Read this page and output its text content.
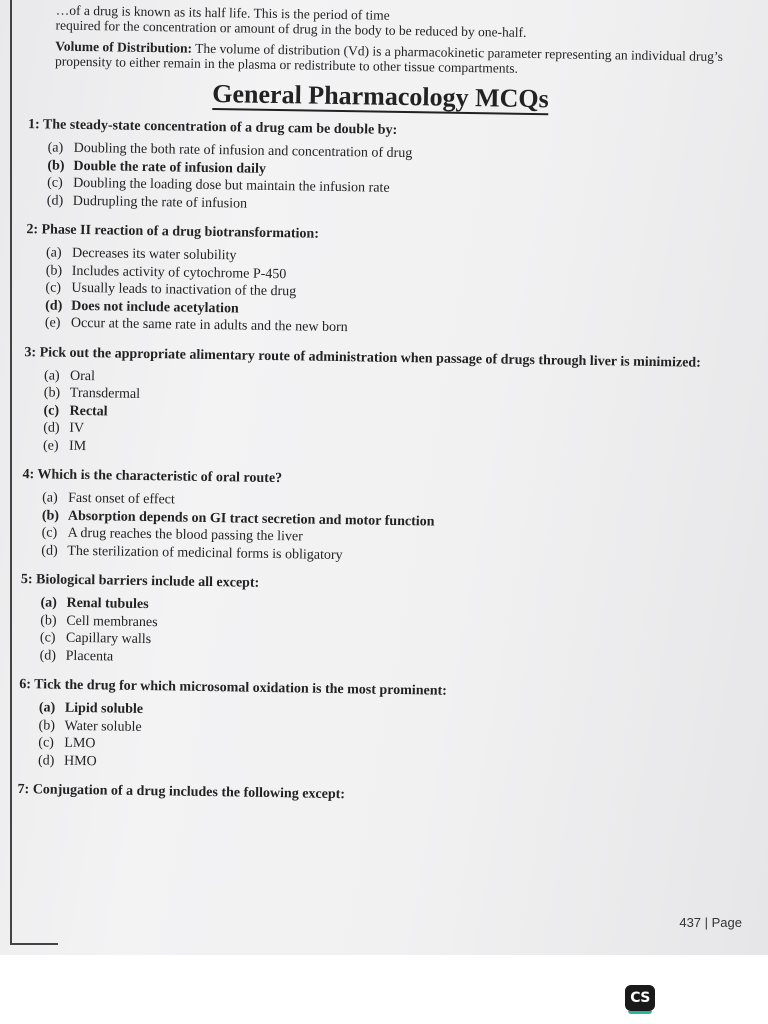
…of a drug is known as its half life. This is the period of time
required for the concentration or amount of drug in the body to be reduced by one-half.

Volume of Distribution: The volume of distribution (Vd) is a pharmacokinetic parameter representing an individual drug’s propensity to either remain in the plasma or redistribute to other tissue compartments.

General Pharmacology MCQs
1: The steady-state concentration of a drug cam be double by:
(a) Doubling the both rate of infusion and concentration of drug
(b) Double the rate of infusion daily
(c) Doubling the loading dose but maintain the infusion rate
(d) Dudrupling the rate of infusion
2: Phase II reaction of a drug biotransformation:
(a) Decreases its water solubility
(b) Includes activity of cytochrome P-450
(c) Usually leads to inactivation of the drug
(d) Does not include acetylation
(e) Occur at the same rate in adults and the new born
3: Pick out the appropriate alimentary route of administration when passage of drugs through liver is minimized:
(a) Oral
(b) Transdermal
(c) Rectal
(d) IV
(e) IM
4: Which is the characteristic of oral route?
(a) Fast onset of effect
(b) Absorption depends on GI tract secretion and motor function
(c) A drug reaches the blood passing the liver
(d) The sterilization of medicinal forms is obligatory
5: Biological barriers include all except:
(a) Renal tubules
(b) Cell membranes
(c) Capillary walls
(d) Placenta
6: Tick the drug for which microsomal oxidation is the most prominent:
(a) Lipid soluble
(b) Water soluble
(c) LMO
(d) HMO
7: Conjugation of a drug includes the following except:
437 | Page
CS
